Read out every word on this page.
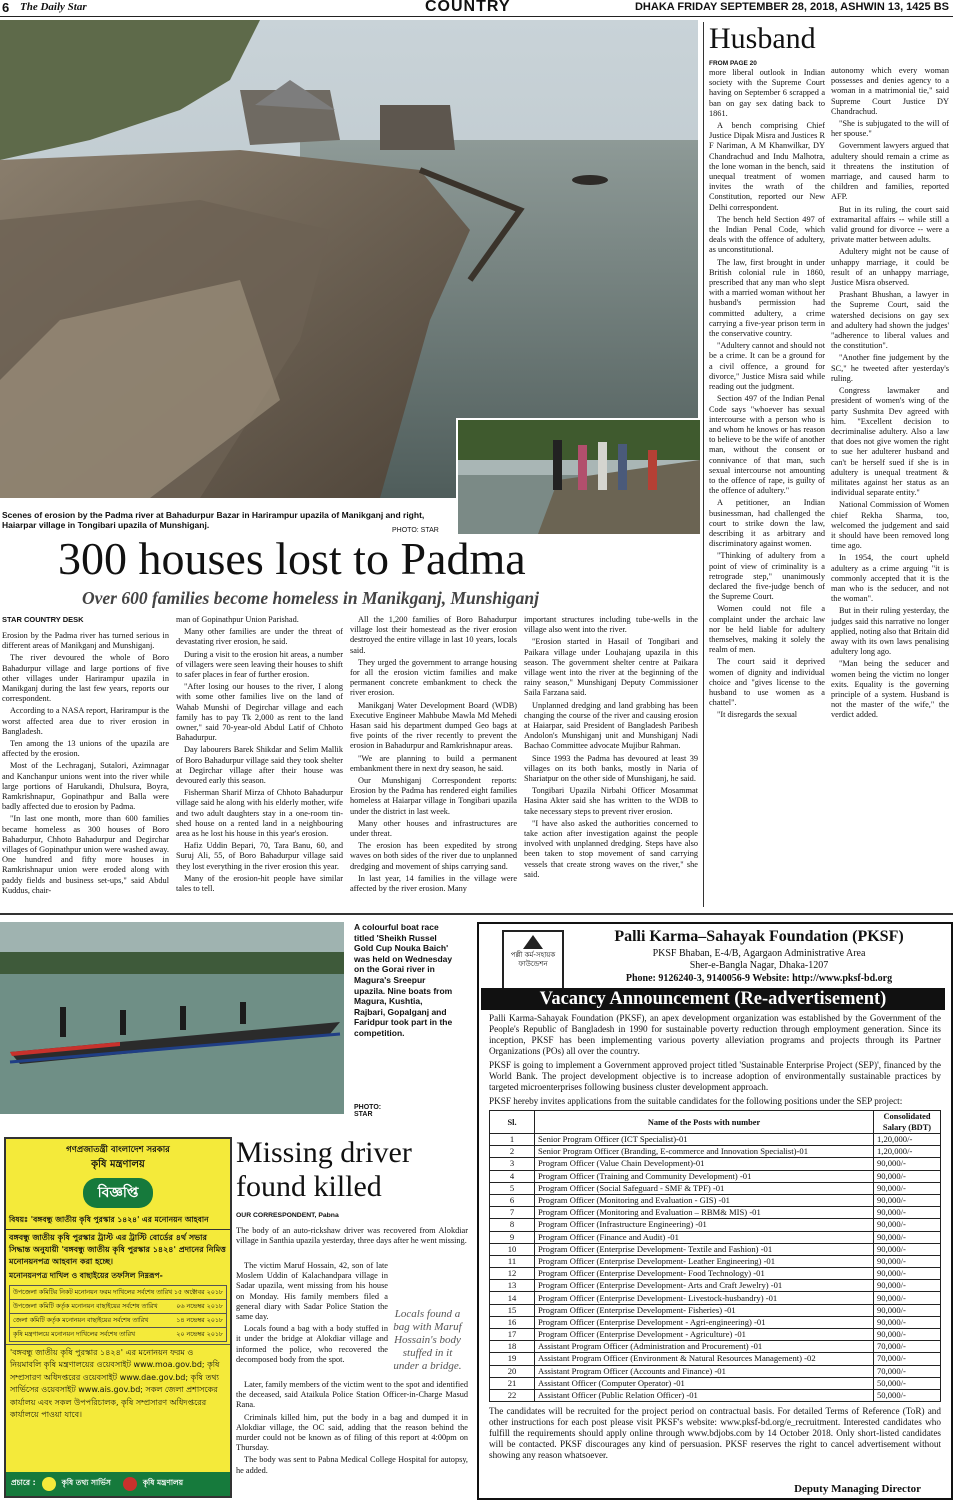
6 The Daily Star	COUNTRY	DHAKA FRIDAY SEPTEMBER 28, 2018, ASHWIN 13, 1425 BS
Scenes of erosion by the Padma river at Bahadurpur Bazar in Harirampur upazila of Manikganj and right, Haiarpar village in Tongibari upazila of Munshiganj.
PHOTO: STAR
300 houses lost to Padma
Over 600 families become homeless in Manikganj, Munshiganj
STAR COUNTRY DESK

Erosion by the Padma river has turned serious in different areas of Manikganj and Munshiganj.

The river devoured the whole of Boro Bahadurpur village and large portions of five other villages under Harirampur upazila in Manikganj during the last few years, reports our correspondent.

According to a NASA report, Harirampur is the worst affected area due to river erosion in Bangladesh.

Ten among the 13 unions of the upazila are affected by the erosion.

Most of the Lechraganj, Sutalori, Azimnagar and Kanchanpur unions went into the river while large portions of Harukandi, Dhulsura, Boyra, Ramkrishnapur, Gopinathpur and Balla were badly affected due to erosion by Padma.

"In last one month, more than 600 families became homeless as 300 houses of Boro Bahadurpur, Chhoto Bahadurpur and Degirchar villages of Gopinathpur union were washed away. One hundred and fifty more houses in Ramkrishnapur union were eroded along with paddy fields and business set-ups," said Abdul Kuddus, chair-

man of Gopinathpur Union Parishad.

Many other families are under the threat of devastating river erosion, he said.

During a visit to the erosion hit areas, a number of villagers were seen leaving their houses to shift to safer places in fear of further erosion.

"After losing our houses to the river, I along with some other families live on the land of Wahab Munshi of Degirchar village and each family has to pay Tk 2,000 as rent to the land owner," said 70-year-old Abdul Latif of Chhoto Bahadurpur.

Day labourers Barek Shikdar and Selim Mallik of Boro Bahadurpur village said they took shelter at Degirchar village after their house was devoured early this season.

Fisherman Sharif Mirza of Chhoto Bahadurpur village said he along with his elderly mother, wife and two adult daughters stay in a one-room tin-shed house on a rented land in a neighbouring area as he lost his house in this year's erosion.

Hafiz Uddin Bepari, 70, Tara Banu, 60, and Suruj Ali, 55, of Boro Bahadurpur village said they lost everything in the river erosion this year.

Many of the erosion-hit people have similar tales to tell.

All the 1,200 families of Boro Bahadurpur village lost their homestead as the river erosion destroyed the entire village in last 10 years, locals said.

They urged the government to arrange housing for all the erosion victim families and make permanent concrete embankment to check the river erosion.

Manikganj Water Development Board (WDB) Executive Engineer Mahbube Mawla Md Mehedi Hasan said his department dumped Geo bags at five points of the river recently to prevent the erosion in Bahadurpur and Ramkrishnapur areas.

"We are planning to build a permanent embankment there in next dry season, he said.

Our Munshiganj Correspondent reports: Erosion by the Padma has rendered eight families homeless at Haiarpar village in Tongibari upazila under the district in last week.

Many other houses and infrastructures are under threat.

The erosion has been expedited by strong waves on both sides of the river due to unplanned dredging and movement of ships carrying sand.

In last year, 14 families in the village were affected by the river erosion. Many

important structures including tube-wells in the village also went into the river.

"Erosion started in Hasail of Tongibari and Paikara village under Louhajang upazila in this season. The government shelter centre at Paikara village went into the river at the beginning of the rainy season," Munshiganj Deputy Commissioner Saila Farzana said.

Unplanned dredging and land grabbing has been changing the course of the river and causing erosion at Haiarpar, said President of Bangladesh Paribesh Andolon's Munshiganj unit and Munshiganj Nadi Bachao Committee advocate Mujibur Rahman.

Since 1993 the Padma has devoured at least 39 villages on its both banks, mostly in Naria of Shariatpur on the other side of Munshiganj, he said.

Tongibari Upazila Nirbahi Officer Mosammat Hasina Akter said she has written to the WDB to take necessary steps to prevent river erosion.

"I have also asked the authorities concerned to take action after investigation against the people involved with unplanned dredging. Steps have also been taken to stop movement of sand carrying vessels that create strong waves on the river," she said.

Husband
FROM PAGE 20

more liberal outlook in Indian society with the Supreme Court having on September 6 scrapped a ban on gay sex dating back to 1861.

A bench comprising Chief Justice Dipak Misra and Justices R F Nariman, A M Khanwilkar, DY Chandrachud and Indu Malhotra, the lone woman in the bench, said unequal treatment of women invites the wrath of the Constitution, reported our New Delhi correspondent.

The bench held Section 497 of the Indian Penal Code, which deals with the offence of adultery, as unconstitutional.

The law, first brought in under British colonial rule in 1860, prescribed that any man who slept with a married woman without her husband's permission had committed adultery, a crime carrying a five-year prison term in the conservative country.

"Adultery cannot and should not be a crime. It can be a ground for a civil offence, a ground for divorce," Justice Misra said while reading out the judgment.

Section 497 of the Indian Penal Code says "whoever has sexual intercourse with a person who is and whom he knows or has reason to believe to be the wife of another man, without the consent or connivance of that man, such sexual intercourse not amounting to the offence of rape, is guilty of the offence of adultery."

A petitioner, an Indian businessman, had challenged the court to strike down the law, describing it as arbitrary and discriminatory against women.

"Thinking of adultery from a point of view of criminality is a retrograde step," unanimously declared the five-judge bench of the Supreme Court.

Women could not file a complaint under the archaic law nor be held liable for adultery themselves, making it solely the realm of men.

The court said it deprived women of dignity and individual choice and "gives license to the husband to use women as a chattel".

"It disregards the sexual

autonomy which every woman possesses and denies agency to a woman in a matrimonial tie," said Supreme Court Justice DY Chandrachud.

"She is subjugated to the will of her spouse."

Government lawyers argued that adultery should remain a crime as it threatens the institution of marriage, and caused harm to children and families, reported AFP.

But in its ruling, the court said extramarital affairs -- while still a valid ground for divorce -- were a private matter between adults.

Adultery might not be cause of unhappy marriage, it could be result of an unhappy marriage, Justice Misra observed.

Prashant Bhushan, a lawyer in the Supreme Court, said the watershed decisions on gay sex and adultery had shown the judges' "adherence to liberal values and the constitution".

"Another fine judgement by the SC," he tweeted after yesterday's ruling.

Congress lawmaker and president of women's wing of the party Sushmita Dev agreed with him. "Excellent decision to decriminalise adultery. Also a law that does not give women the right to sue her adulterer husband and can't be herself sued if she is in adultery is unequal treatment & militates against her status as an individual separate entity."

National Commission of Women chief Rekha Sharma, too, welcomed the judgement and said it should have been removed long time ago.

In 1954, the court upheld adultery as a crime arguing "it is commonly accepted that it is the man who is the seducer, and not the woman".

But in their ruling yesterday, the judges said this narrative no longer applied, noting also that Britain did away with its own laws penalising adultery long ago.

"Man being the seducer and women being the victim no longer exits. Equality is the governing principle of a system. Husband is not the master of the wife," the verdict added.

A colourful boat race titled 'Sheikh Russel Gold Cup Nouka Baich' was held on Wednesday on the Gorai river in Magura's Sreepur upazila. Nine boats from Magura, Kushtia, Rajbari, Gopalganj and Faridpur took part in the competition.
PHOTO: STAR
গণপ্রজাতন্ত্রী বাংলাদেশ সরকার
কৃষি মন্ত্রণালয়
বিজ্ঞপ্তি
বিষয়ঃ 'বঙ্গবন্ধু জাতীয় কৃষি পুরস্কার ১৪২৪' এর মনোনয়ন আহবান
বঙ্গবন্ধু জাতীয় কৃষি পুরস্কার ট্রাস্ট এর ট্রাস্টি বোর্ডের ৪র্থ সভার সিদ্ধান্ত অনুযায়ী 'বঙ্গবন্ধু জাতীয় কৃষি পুরস্কার ১৪২৪' প্রদানের নিমিত্ত মনোনয়নপত্র আহবান করা হচ্ছে।
মনোনয়নপত্র দাখিল ও বাছাইয়ের তফসিল নিম্নরূপ-
উপজেলা কমিটির নিকট মনোনয়ন ফরম দাখিলের সর্বশেষ তারিখ ১৫ অক্টোবর ২০১৮
উপজেলা কমিটি কর্তৃক মনোনয়ন বাছাইয়ের সর্বশেষ তারিখ	০৬ নভেম্বর ২০১৮
জেলা কমিটি কর্তৃক মনোনয়ন বাছাইয়ের সর্বশেষ তারিখ	১৪ নভেম্বর ২০১৮
কৃষি মন্ত্রণালয়ে মনোনয়ন দাখিলের সর্বশেষ তারিখ	২০ নভেম্বর ২০১৮
'বঙ্গবন্ধু জাতীয় কৃষি পুরস্কার ১৪২৪' এর মনোনয়ন ফরম ও নিয়মাবলি কৃষি মন্ত্রণালয়ের ওয়েবসাইট www.moa.gov.bd; কৃষি সম্প্রসারণ অধিদপ্তরের ওয়েবসাইট www.dae.gov.bd; কৃষি তথ্য সার্ভিসের ওয়েবসাইট www.ais.gov.bd; সকল জেলা প্রশাসকের কার্যালয় এবং সকল উপপরিচালক, কৃষি সম্প্রসারণ অধিদপ্তরের কার্যালয়ে পাওয়া যাবে।
প্রচারে :	কৃষি তথ্য সার্ভিস	কৃষি মন্ত্রণালয়
Missing driver found killed
OUR CORRESPONDENT, Pabna
The body of an auto-rickshaw driver was recovered from Alokdiar village in Santhia upazila yesterday, three days after he went missing.

The victim Maruf Hossain, 42, son of late Moslem Uddin of Kalachandpara village in Sadar upazila, went missing from his house on Monday. His family members filed a general diary with Sadar Police Station the same day.

Locals found a bag with a body stuffed in it under the bridge at Alokdiar village and informed the police, who recovered the decomposed body from the spot.

Locals found a bag with Maruf Hossain's body stuffed in it under a bridge.

Later, family members of the victim went to the spot and identified the deceased, said Ataikula Police Station Officer-in-Charge Masud Rana.

Criminals killed him, put the body in a bag and dumped it in Alokdiar village, the OC said, adding that the reason behind the murder could not be known as of filing of this report at 4:00pm on Thursday.

The body was sent to Pabna Medical College Hospital for autopsy, he added.

পল্লী কর্ম-সহায়ক ফাউন্ডেশন
Palli Karma–Sahayak Foundation (PKSF)
PKSF Bhaban, E-4/B, Agargaon Administrative Area
Sher-e-Bangla Nagar, Dhaka-1207
Phone: 9126240-3, 9140056-9 Website: http://www.pksf-bd.org
Vacancy Announcement (Re-advertisement)
Palli Karma-Sahayak Foundation (PKSF), an apex development organization was established by the Government of the People's Republic of Bangladesh in 1990 for sustainable poverty reduction through employment generation. Since its inception, PKSF has been implementing various poverty alleviation programs and projects through its Partner Organizations (POs) all over the country.
PKSF is going to implement a Government approved project titled 'Sustainable Enterprise Project (SEP)', financed by the World Bank. The project development objective is to increase adoption of environmentally sustainable practices by targeted microenterprises following business cluster development approach.
PKSF hereby invites applications from the suitable candidates for the following positions under the SEP project:
Sl.	Name of the Posts with number	Consolidated Salary (BDT)
1	Senior Program Officer (ICT Specialist)-01	1,20,000/-
2	Senior Program Officer (Branding, E-commerce and Innovation Specialist)-01	1,20,000/-
3	Program Officer (Value Chain Development)-01	90,000/-
4	Program Officer (Training and Community Development) -01	90,000/-
5	Program Officer (Social Safeguard - SMF & TPF) -01	90,000/-
6	Program Officer (Monitoring and Evaluation - GIS) -01	90,000/-
7	Program Officer (Monitoring and Evaluation – RBM& MIS) -01	90,000/-
8	Program Officer (Infrastructure Engineering) -01	90,000/-
9	Program Officer (Finance and Audit) -01	90,000/-
10	Program Officer (Enterprise Development- Textile and Fashion) -01	90,000/-
11	Program Officer (Enterprise Development- Leather Engineering) -01	90,000/-
12	Program Officer (Enterprise Development- Food Technology) -01	90,000/-
13	Program Officer (Enterprise Development- Arts and Craft Jewelry) -01	90,000/-
14	Program Officer (Enterprise Development- Livestock-husbandry) -01	90,000/-
15	Program Officer (Enterprise Development- Fisheries) -01	90,000/-
16	Program Officer (Enterprise Development - Agri-engineering) -01	90,000/-
17	Program Officer (Enterprise Development - Agriculture) -01	90,000/-
18	Assistant Program Officer (Administration and Procurement) -01	70,000/-
19	Assistant Program Officer (Environment & Natural Resources Management) -02	70,000/-
20	Assistant Program Officer (Accounts and Finance) -01	70,000/-
21	Assistant Officer (Computer Operator) -01	50,000/-
22	Assistant Officer (Public Relation Officer) -01	50,000/-
The candidates will be recruited for the project period on contractual basis. For detailed Terms of Reference (ToR) and other instructions for each post please visit PKSF's website: www.pksf-bd.org/e_recruitment. Interested candidates who fulfill the requirements should apply online through www.bdjobs.com by 14 October 2018. Only short-listed candidates will be contacted. PKSF discourages any kind of persuasion. PKSF reserves the right to cancel advertisement without showing any reason whatsoever.
Deputy Managing Director
